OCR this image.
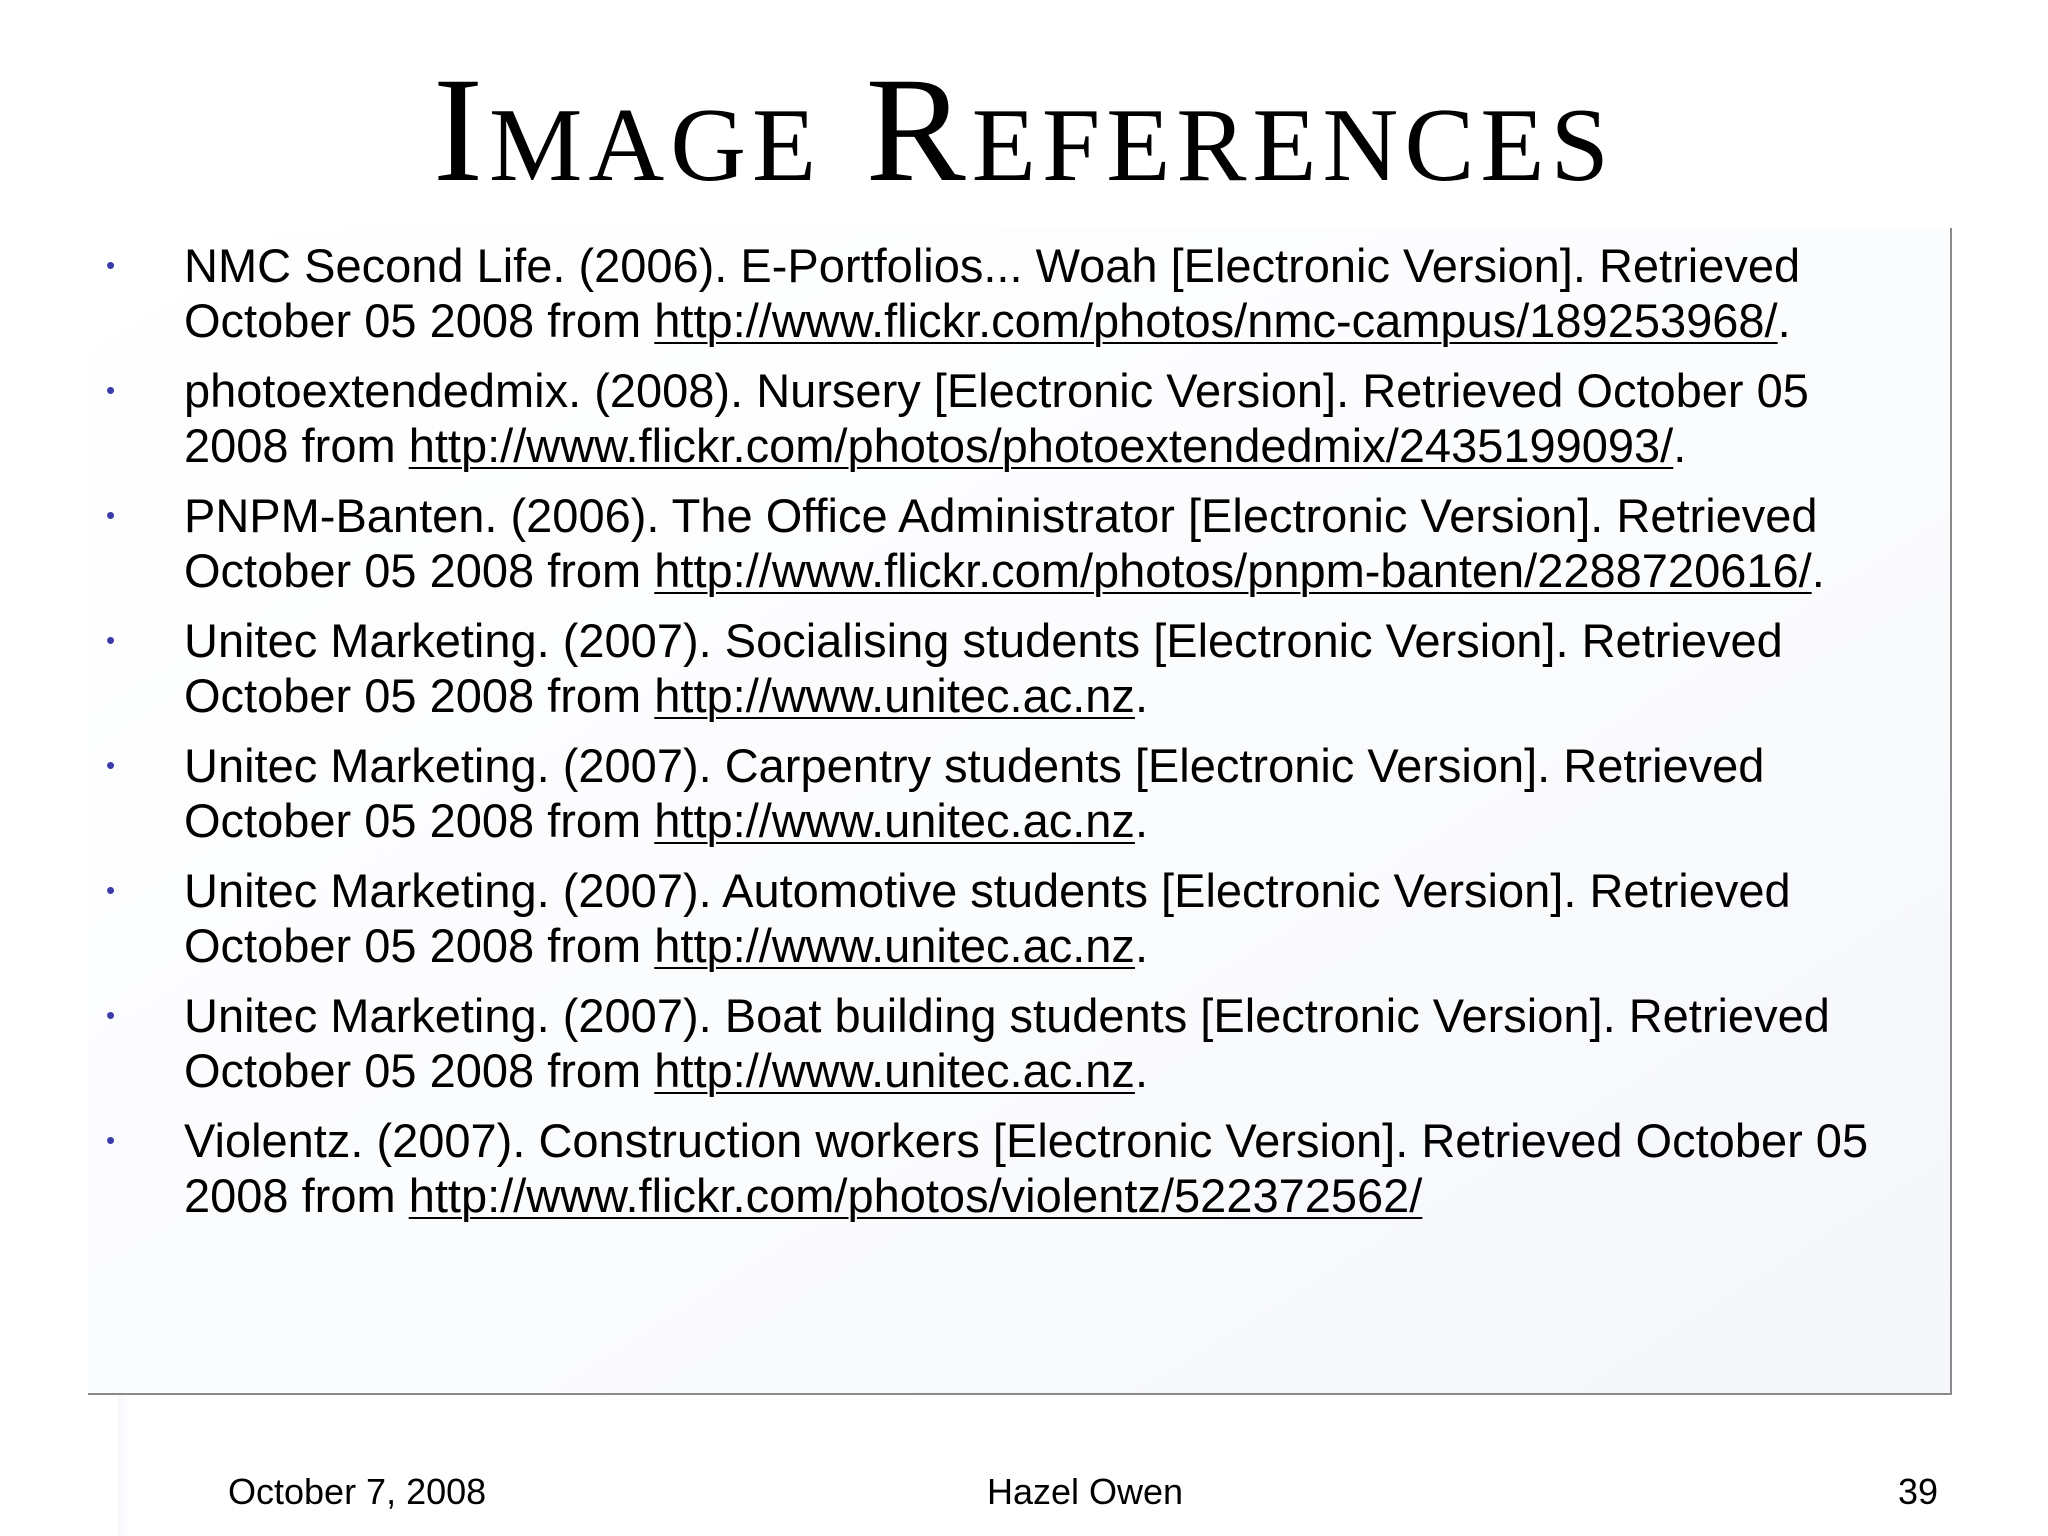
Image References
• NMC Second Life. (2006). E-Portfolios... Woah [Electronic Version]. Retrieved October 05 2008 from http://www.flickr.com/photos/nmc-campus/189253968/.
• photoextendedmix. (2008). Nursery [Electronic Version]. Retrieved October 05 2008 from http://www.flickr.com/photos/photoextendedmix/2435199093/.
• PNPM-Banten. (2006). The Office Administrator [Electronic Version]. Retrieved October 05 2008 from http://www.flickr.com/photos/pnpm-banten/2288720616/.
• Unitec Marketing. (2007). Socialising students [Electronic Version]. Retrieved October 05 2008 from http://www.unitec.ac.nz.
• Unitec Marketing. (2007). Carpentry students [Electronic Version]. Retrieved October 05 2008 from http://www.unitec.ac.nz.
• Unitec Marketing. (2007). Automotive students [Electronic Version]. Retrieved October 05 2008 from http://www.unitec.ac.nz.
• Unitec Marketing. (2007). Boat building students [Electronic Version]. Retrieved October 05 2008 from http://www.unitec.ac.nz.
• Violentz. (2007). Construction workers [Electronic Version]. Retrieved October 05 2008 from http://www.flickr.com/photos/violentz/522372562/
October 7, 2008	Hazel Owen	39
